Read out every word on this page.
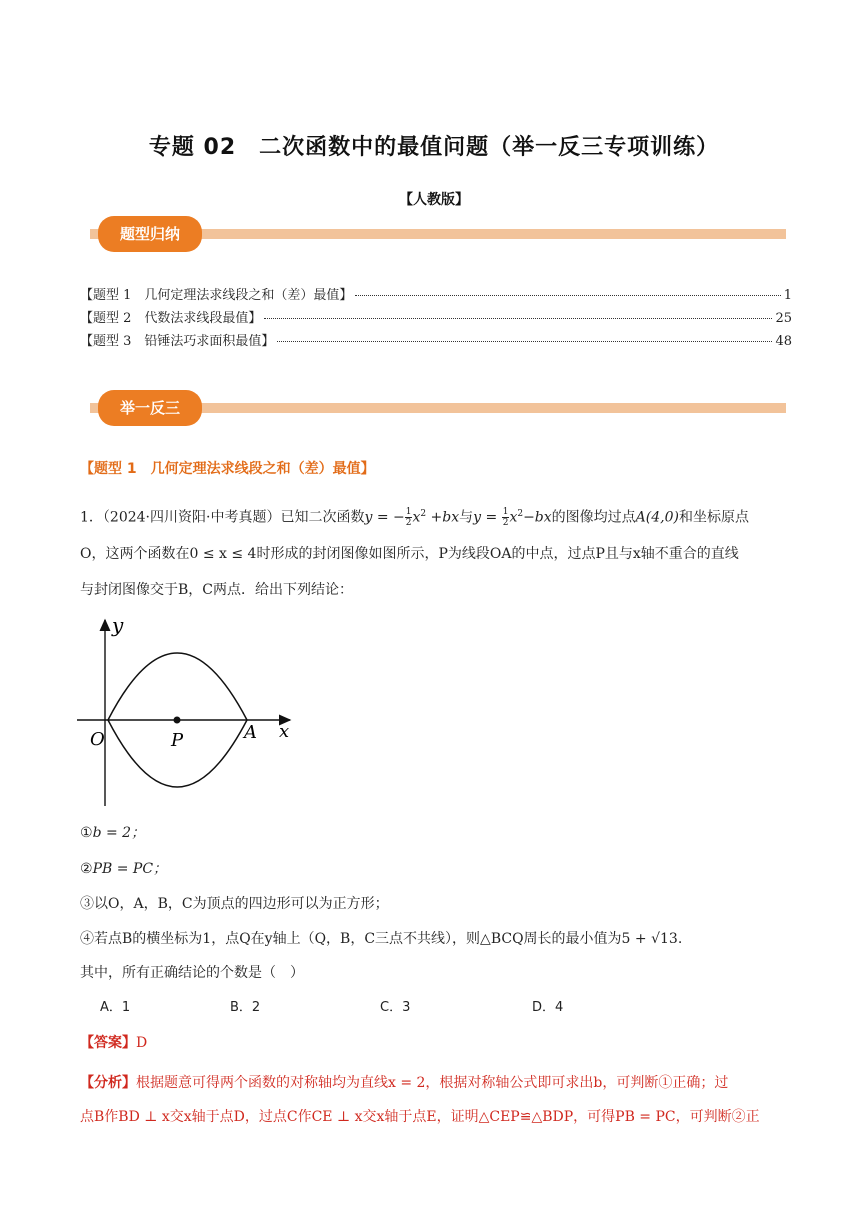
专题 02　二次函数中的最值问题（举一反三专项训练）
【人教版】
题型归纳
【题型 1　几何定理法求线段之和（差）最值】	1
【题型 2　代数法求线段最值】	25
【题型 3　铅锤法巧求面积最值】	48
举一反三
【题型 1　几何定理法求线段之和（差）最值】
1．（2024·四川资阳·中考真题）已知二次函数y = − $\frac{1}{2} x^2 +bx$与$y = \frac{1}{2} x^2-bx$的图像均过点A(4,0)和坐标原点
O，这两个函数在0 ≤ x ≤ 4时形成的封闭图像如图所示，P为线段OA的中点，过点P且与x轴不重合的直线
与封闭图像交于B，C两点．给出下列结论：
y
x
O	P	A
①b = 2；
②PB = PC；
③以O，A，B，C为顶点的四边形可以为正方形；
④若点B的横坐标为1，点Q在y轴上（Q，B，C三点不共线），则△BCQ周长的最小值为5 + √13.
其中，所有正确结论的个数是（　）
A．1	B．2	C．3	D．4
【答案】D
【分析】根据题意可得两个函数的对称轴均为直线x = 2，根据对称轴公式即可求出b，可判断①正确；过
点B作BD ⊥ x交x轴于点D，过点C作CE ⊥ x交x轴于点E，证明△CEP≌△BDP，可得PB = PC，可判断②正
